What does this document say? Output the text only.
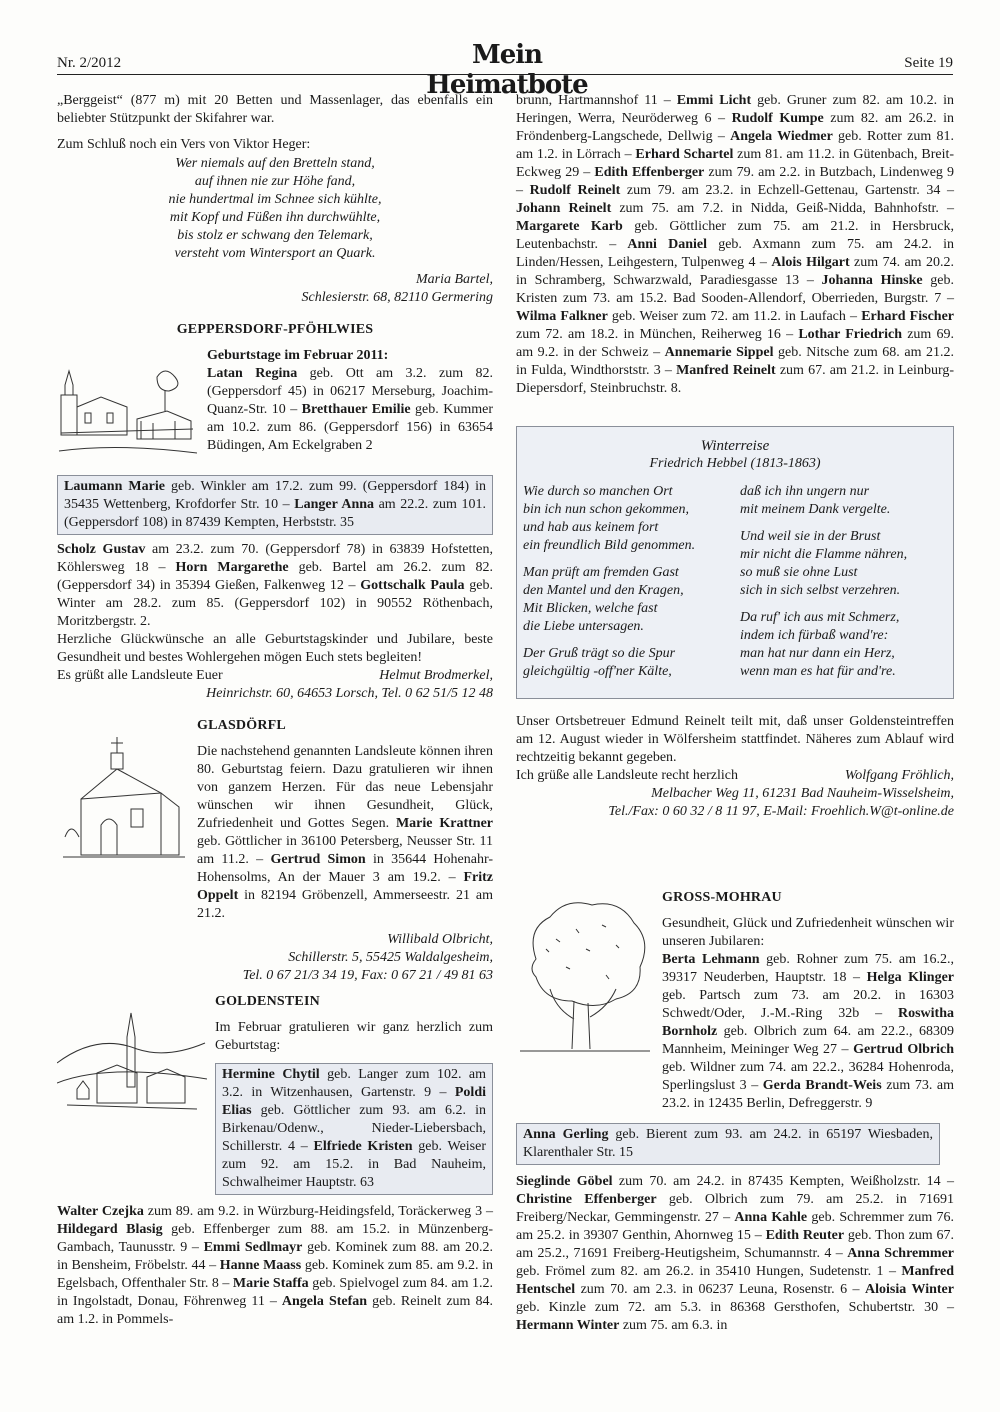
Nr. 2/2012	Mein Heimatbote
Seite 19

„Berggeist“ (877 m) mit 20 Betten und Massenlager, das ebenfalls ein beliebter Stützpunkt der Skifahrer war.

Zum Schluß noch ein Vers von Viktor Heger:

Wer niemals auf den Bretteln stand,

auf ihnen nie zur Höhe fand,

nie hundertmal im Schnee sich kühlte,

mit Kopf und Füßen ihn durchwühlte,

bis stolz er schwang den Telemark,

versteht vom Wintersport an Quark.

Maria Bartel,

Schlesierstr. 68, 82110 Germering

GEPPERSDORF-PFÖHLWIES

Geburtstage im Februar 2011:

Latan Regina geb. Ott am 3.2. zum 82. (Geppersdorf 45) in 06217 Merseburg, Joachim-Quanz-Str. 10 – Bretthauer Emilie geb. Kummer am 10.2. zum 86. (Geppersdorf 156) in 63654 Büdingen, Am Eckelgraben 2

Laumann Marie geb. Winkler am 17.2. zum 99. (Geppersdorf 184) in 35435 Wettenberg, Krofdorfer Str. 10 – Langer Anna am 22.2. zum 101. (Geppersdorf 108) in 87439 Kempten, Herbststr. 35

Scholz Gustav am 23.2. zum 70. (Geppersdorf 78) in 63839 Hofstetten, Köhlersweg 18 – Horn Margarethe geb. Bartel am 26.2. zum 82. (Geppersdorf 34) in 35394 Gießen, Falkenweg 12 – Gottschalk Paula geb. Winter am 28.2. zum 85. (Geppersdorf 102) in 90552 Röthenbach, Moritzbergstr. 2.

Herzliche Glückwünsche an alle Geburtstagskinder und Jubilare, beste Gesundheit und bestes Wohlergehen mögen Euch stets begleiten!

Es grüßt alle Landsleute Euer	Helmut Brodmerkel,

Heinrichstr. 60, 64653 Lorsch, Tel. 0 62 51/5 12 48

GLASDÖRFL

Die nachstehend genannten Landsleute können ihren 80. Geburtstag feiern. Dazu gratulieren wir ihnen von ganzem Herzen. Für das neue Lebensjahr wünschen wir ihnen Gesundheit, Glück, Zufriedenheit und Gottes Segen. Marie Krattner geb. Göttlicher in 36100 Petersberg, Neusser Str. 11 am 11.2. – Gertrud Simon in 35644 Hohenahr-Hohensolms, An der Mauer 3 am 19.2. – Fritz Oppelt in 82194 Gröbenzell, Ammerseestr. 21 am 21.2.

Willibald Olbricht,

Schillerstr. 5, 55425 Waldalgesheim,

Tel. 0 67 21/3 34 19, Fax: 0 67 21 / 49 81 63

GOLDENSTEIN

Im Februar gratulieren wir ganz herzlich zum Geburtstag:

Hermine Chytil geb. Langer zum 102. am 3.2. in Witzenhausen, Gartenstr. 9 – Poldi Elias geb. Göttlicher zum 93. am 6.2. in Birkenau/Odenw., Nieder-Liebersbach, Schillerstr. 4 – Elfriede Kristen geb. Weiser zum 92. am 15.2. in Bad Nauheim, Schwalheimer Hauptstr. 63

Walter Czejka zum 89. am 9.2. in Würzburg-Heidingsfeld, Toräckerweg 3 – Hildegard Blasig geb. Effenberger zum 88. am 15.2. in Münzenberg-Gambach, Taunusstr. 9 – Emmi Sedlmayr geb. Kominek zum 88. am 20.2. in Bensheim, Fröbelstr. 44 – Hanne Maass geb. Kominek zum 85. am 9.2. in Egelsbach, Offenthaler Str. 8 – Marie Staffa geb. Spielvogel zum 84. am 1.2. in Ingolstadt, Donau, Föhrenweg 11 – Angela Stefan geb. Reinelt zum 84. am 1.2. in Pommels-

brunn, Hartmannshof 11 – Emmi Licht geb. Gruner zum 82. am 10.2. in Heringen, Werra, Neuröderweg 6 – Rudolf Kumpe zum 82. am 26.2. in Fröndenberg-Langschede, Dellwig – Angela Wiedmer geb. Rotter zum 81. am 1.2. in Lörrach – Erhard Schartel zum 81. am 11.2. in Gütenbach, Breit-Eckweg 29 – Edith Effenberger zum 79. am 2.2. in Butzbach, Lindenweg 9 – Rudolf Reinelt zum 79. am 23.2. in Echzell-Gettenau, Gartenstr. 34 – Johann Reinelt zum 75. am 7.2. in Nidda, Geiß-Nidda, Bahnhofstr. – Margarete Karb geb. Göttlicher zum 75. am 21.2. in Hersbruck, Leutenbachstr. – Anni Daniel geb. Axmann zum 75. am 24.2. in Linden/Hessen, Leihgestern, Tulpenweg 4 – Alois Hilgart zum 74. am 20.2. in Schramberg, Schwarzwald, Paradiesgasse 13 – Johanna Hinske geb. Kristen zum 73. am 15.2. Bad Sooden-Allendorf, Oberrieden, Burgstr. 7 – Wilma Falkner geb. Weiser zum 72. am 11.2. in Laufach – Erhard Fischer zum 72. am 18.2. in München, Reiherweg 16 – Lothar Friedrich zum 69. am 9.2. in der Schweiz – Annemarie Sippel geb. Nitsche zum 68. am 21.2. in Fulda, Windthorststr. 3 – Manfred Reinelt zum 67. am 21.2. in Leinburg-Diepersdorf, Steinbruchstr. 8.

Winterreise

Friedrich Hebbel (1813-1863)

Wie durch so manchen Ort
bin ich nun schon gekommen,
und hab aus keinem fort
ein freundlich Bild genommen.
Man prüft am fremden Gast
den Mantel und den Kragen,
Mit Blicken, welche fast
die Liebe untersagen.
Der Gruß trägt so die Spur
gleichgültig -off'ner Kälte,
daß ich ihn ungern nur
mit meinem Dank vergelte.
Und weil sie in der Brust
mir nicht die Flamme nähren,
so muß sie ohne Lust
sich in sich selbst verzehren.
Da ruf' ich aus mit Schmerz,
indem ich fürbaß wand're:
man hat nur dann ein Herz,
wenn man es hat für and're.

Unser Ortsbetreuer Edmund Reinelt teilt mit, daß unser Goldensteintreffen am 12. August wieder in Wölfersheim stattfindet. Näheres zum Ablauf wird rechtzeitig bekannt gegeben.

Ich grüße alle Landsleute recht herzlich	Wolfgang Fröhlich,

Melbacher Weg 11, 61231 Bad Nauheim-Wisselsheim,

Tel./Fax: 0 60 32 / 8 11 97, E-Mail: Froehlich.W@t-online.de

GROSS-MOHRAU

Gesundheit, Glück und Zufriedenheit wünschen wir unseren Jubilaren:

Berta Lehmann geb. Rohner zum 75. am 16.2., 39317 Neuderben, Hauptstr. 18 – Helga Klinger geb. Partsch zum 73. am 20.2. in 16303 Schwedt/Oder, J.-M.-Ring 32b – Roswitha Bornholz geb. Olbrich zum 64. am 22.2., 68309 Mannheim, Meininger Weg 27 – Gertrud Olbrich geb. Wildner zum 74. am 22.2., 36284 Hohenroda, Sperlingslust 3 – Gerda Brandt-Weis zum 73. am 23.2. in 12435 Berlin, Defreggerstr. 9

Anna Gerling geb. Bierent zum 93. am 24.2. in 65197 Wiesbaden, Klarenthaler Str. 15

Sieglinde Göbel zum 70. am 24.2. in 87435 Kempten, Weißholzstr. 14 – Christine Effenberger geb. Olbrich zum 79. am 25.2. in 71691 Freiberg/Neckar, Gemmingenstr. 27 – Anna Kahle geb. Schremmer zum 76. am 25.2. in 39307 Genthin, Ahornweg 15 – Edith Reuter geb. Thon zum 67. am 25.2., 71691 Freiberg-Heutigsheim, Schumannstr. 4 – Anna Schremmer geb. Frömel zum 82. am 26.2. in 35410 Hungen, Sudetenstr. 1 – Manfred Hentschel zum 70. am 2.3. in 06237 Leuna, Rosenstr. 6 – Aloisia Winter geb. Kinzle zum 72. am 5.3. in 86368 Gersthofen, Schubertstr. 30 – Hermann Winter zum 75. am 6.3. in
